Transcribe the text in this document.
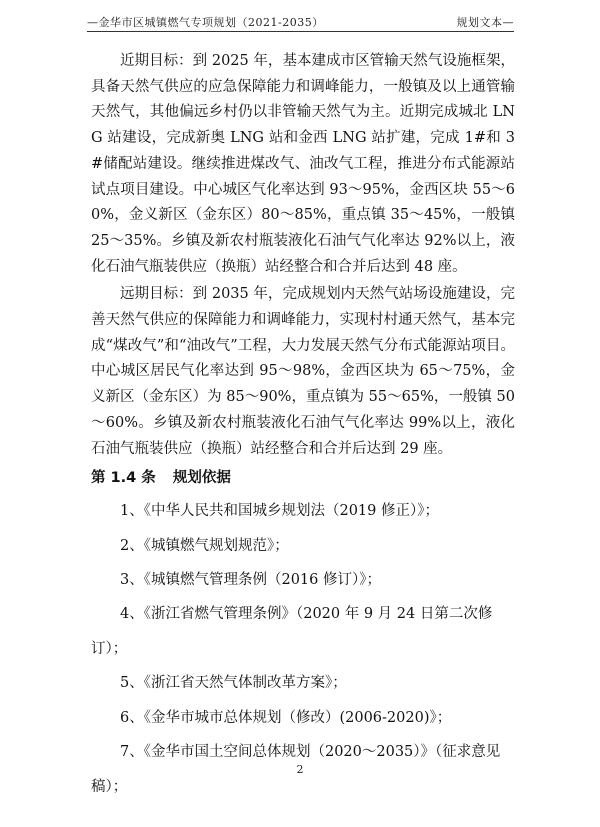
—金华市区城镇燃气专项规划（2021-2035）	规划文本—

近期目标：到 2025 年，基本建成市区管输天然气设施框架，具备天然气供应的应急保障能力和调峰能力，一般镇及以上通管输天然气，其他偏远乡村仍以非管输天然气为主。近期完成城北 LNG 站建设，完成新奥 LNG 站和金西 LNG 站扩建，完成 1#和 3#储配站建设。继续推进煤改气、油改气工程，推进分布式能源站试点项目建设。中心城区气化率达到 93～95%，金西区块 55～60%，金义新区（金东区）80～85%，重点镇 35～45%，一般镇 25～35%。乡镇及新农村瓶装液化石油气气化率达 92%以上，液化石油气瓶装供应（换瓶）站经整合和合并后达到 48 座。

远期目标：到 2035 年，完成规划内天然气站场设施建设，完善天然气供应的保障能力和调峰能力，实现村村通天然气，基本完成“煤改气”和“油改气”工程，大力发展天然气分布式能源站项目。中心城区居民气化率达到 95～98%，金西区块为 65～75%，金义新区（金东区）为 85～90%，重点镇为 55～65%，一般镇 50～60%。乡镇及新农村瓶装液化石油气气化率达 99%以上，液化石油气瓶装供应（换瓶）站经整合和合并后达到 29 座。

第 1.4 条 规划依据
1、《中华人民共和国城乡规划法（2019 修正）》；
2、《城镇燃气规划规范》；
3、《城镇燃气管理条例（2016 修订）》；
4、《浙江省燃气管理条例》（2020 年 9 月 24 日第二次修订）；
5、《浙江省天然气体制改革方案》；
6、《金华市城市总体规划（修改）(2006-2020)》；
7、《金华市国土空间总体规划（2020～2035）》（征求意见稿）；
2
